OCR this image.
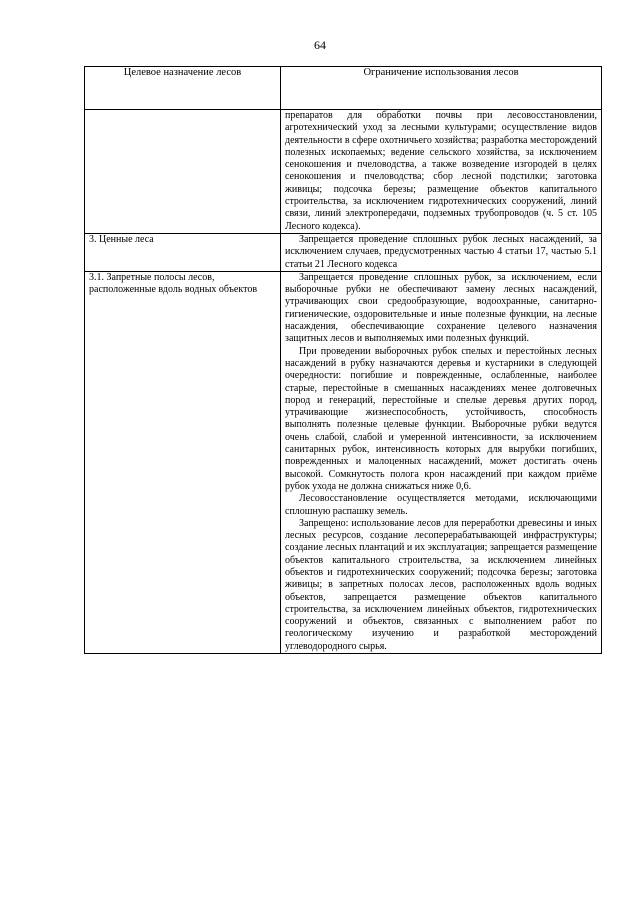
64
Целевое назначение лесов	Ограничение использования лесов

	препаратов для обработки почвы при лесовосстановлении, агротехнический уход за лесными культурами; осуществление видов деятельности в сфере охотничьего хозяйства; разработка месторождений полезных ископаемых; ведение сельского хозяйства, за исключением сенокошения и пчеловодства, а также возведение изгородей в целях сенокошения и пчеловодства; сбор лесной подстилки; заготовка живицы; подсочка березы; размещение объектов капитального строительства, за исключением гидротехнических сооружений, линий связи, линий электропередачи, подземных трубопроводов (ч. 5 ст. 105 Лесного кодекса).

3. Ценные леса	Запрещается проведение сплошных рубок лесных насаждений, за исключением случаев, предусмотренных частью 4 статьи 17, частью 5.1 статьи 21 Лесного кодекса

3.1. Запретные полосы лесов, расположенные вдоль водных объектов	Запрещается проведение сплошных рубок, за исключением, если выборочные рубки не обеспечивают замену лесных насаждений, утрачивающих свои средообразующие, водоохранные, санитарно-гигиенические, оздоровительные и иные полезные функции, на лесные насаждения, обеспечивающие сохранение целевого назначения защитных лесов и выполняемых ими полезных функций.

При проведении выборочных рубок спелых и перестойных лесных насаждений в рубку назначаются деревья и кустарники в следующей очередности: погибшие и поврежденные, ослабленные, наиболее старые, перестойные в смешанных насаждениях менее долговечных пород и генераций, перестойные и спелые деревья других пород, утрачивающие жизнеспособность, устойчивость, способность выполнять полезные целевые функции. Выборочные рубки ведутся очень слабой, слабой и умеренной интенсивности, за исключением санитарных рубок, интенсивность которых для вырубки погибших, поврежденных и малоценных насаждений, может достигать очень высокой. Сомкнутость полога крон насаждений при каждом приёме рубок ухода не должна снижаться ниже 0,6.

Лесовосстановление осуществляется методами, исключающими сплошную распашку земель.

Запрещено: использование лесов для переработки древесины и иных лесных ресурсов, создание лесоперерабатывающей инфраструктуры; создание лесных плантаций и их эксплуатация; запрещается размещение объектов капитального строительства, за исключением линейных объектов и гидротехнических сооружений; подсочка березы; заготовка живицы; в запретных полосах лесов, расположенных вдоль водных объектов, запрещается размещение объектов капитального строительства, за исключением линейных объектов, гидротехнических сооружений и объектов, связанных с выполнением работ по геологическому изучению и разработкой месторождений углеводородного сырья.
